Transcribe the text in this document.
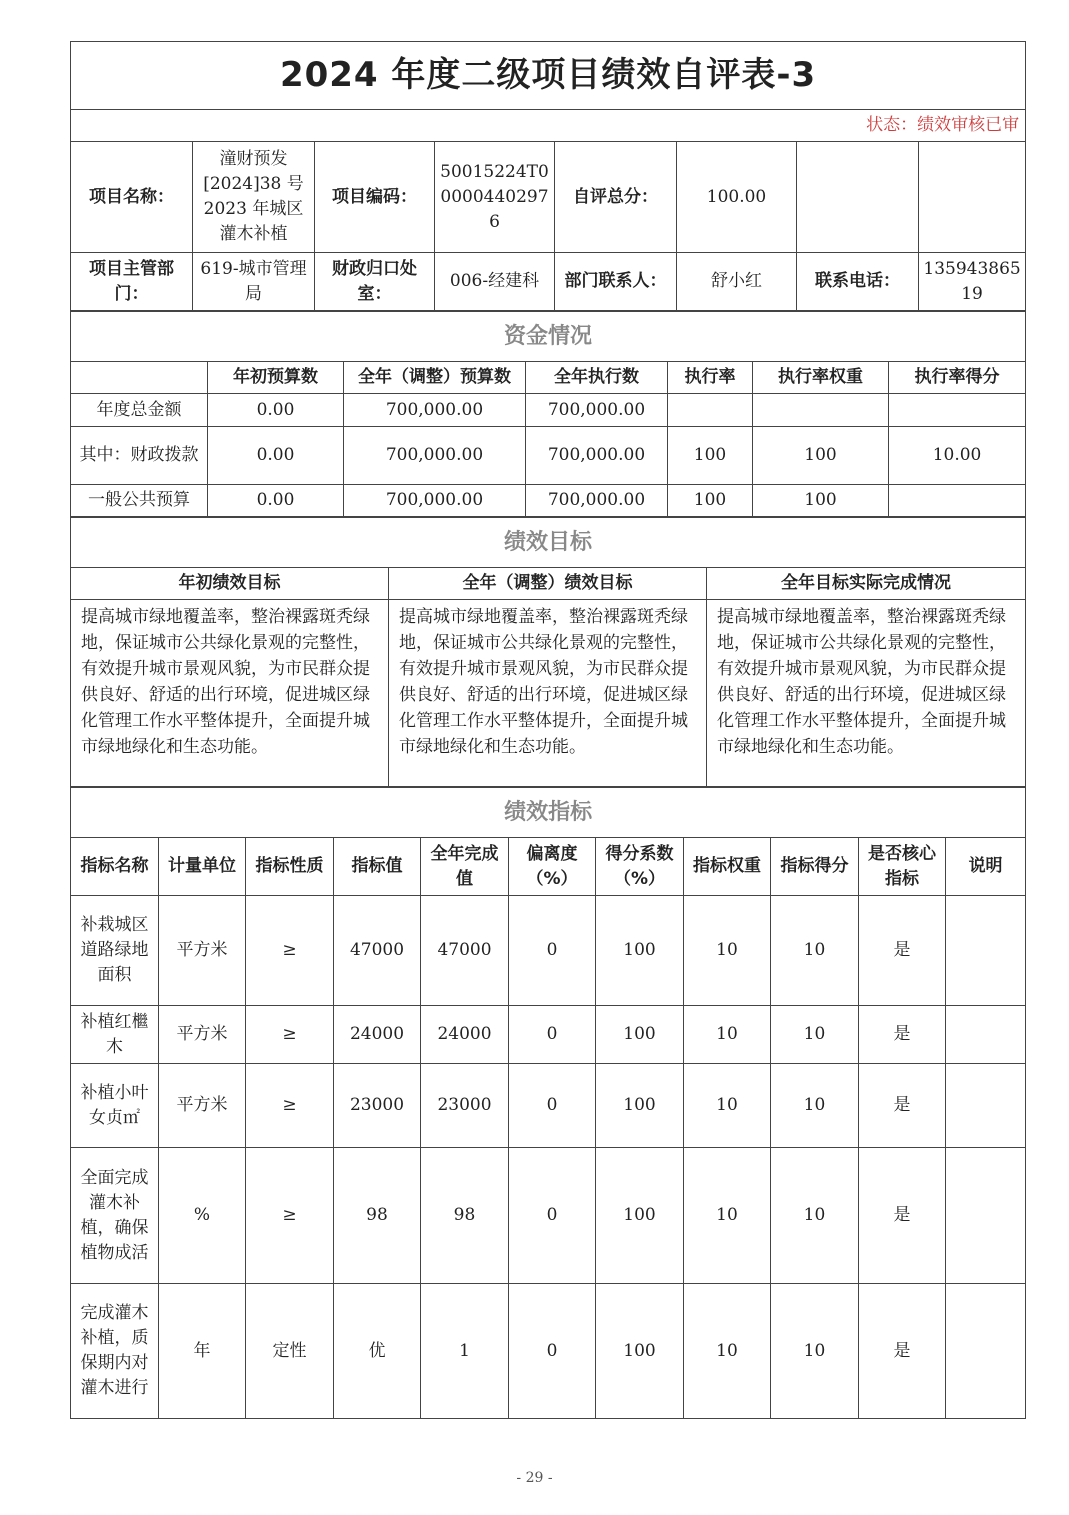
2024 年度二级项目绩效自评表-3							
状态：绩效审核已审							
项目名称：	潼财预发[2024]38 号 2023 年城区灌木补植	项目编码：	50015224T000004402976	自评总分：	100.00		
项目主管部门：	619-城市管理局	财政归口处室：	006-经建科	部门联系人：	舒小红	联系电话：	13594386519
资金情况						
	年初预算数	全年（调整）预算数	全年执行数	执行率	执行率权重	执行率得分
年度总金额	0.00	700,000.00	700,000.00			
其中：财政拨款	0.00	700,000.00	700,000.00	100	100	10.00
一般公共预算	0.00	700,000.00	700,000.00	100	100	
绩效目标		
年初绩效目标	全年（调整）绩效目标	全年目标实际完成情况

提高城市绿地覆盖率，整治裸露斑秃绿地，保证城市公共绿化景观的完整性，有效提升城市景观风貌，为市民群众提供良好、舒适的出行环境，促进城区绿化管理工作水平整体提升，全面提升城市绿地绿化和生态功能。	提高城市绿地覆盖率，整治裸露斑秃绿地，保证城市公共绿化景观的完整性，有效提升城市景观风貌，为市民群众提供良好、舒适的出行环境，促进城区绿化管理工作水平整体提升，全面提升城市绿地绿化和生态功能。	提高城市绿地覆盖率，整治裸露斑秃绿地，保证城市公共绿化景观的完整性，有效提升城市景观风貌，为市民群众提供良好、舒适的出行环境，促进城区绿化管理工作水平整体提升，全面提升城市绿地绿化和生态功能。
绩效指标										
指标名称	计量单位	指标性质	指标值	全年完成值	偏离度（%）	得分系数（%）	指标权重	指标得分	是否核心指标	说明
补栽城区道路绿地面积	平方米	≥	47000	47000	0	100	10	10	是	
补植红檵木	平方米	≥	24000	24000	0	100	10	10	是	
补植小叶女贞㎡	平方米	≥	23000	23000	0	100	10	10	是	
全面完成灌木补植，确保植物成活	%	≥	98	98	0	100	10	10	是	
完成灌木补植，质保期内对灌木进行	年	定性	优	1	0	100	10	10	是	
- 29 -
